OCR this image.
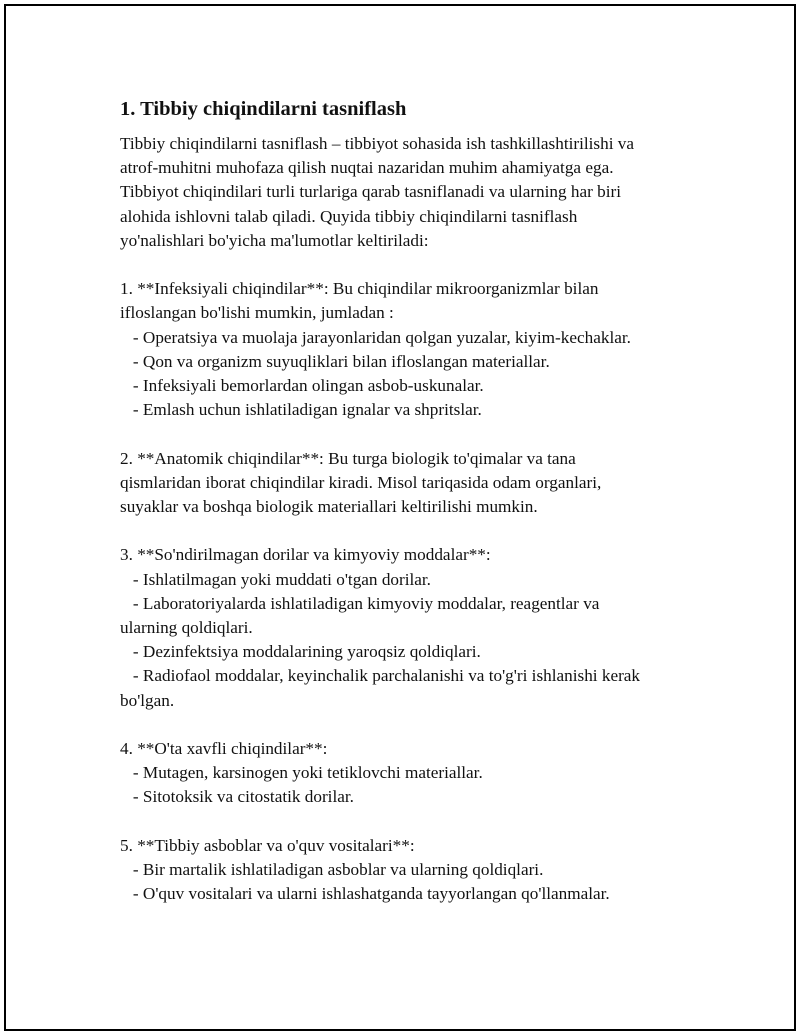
1. Tibbiy chiqindilarni tasniflash
Tibbiy chiqindilarni tasniflash – tibbiyot sohasida ish tashkillashtirilishi va
atrof-muhitni muhofaza qilish nuqtai nazaridan muhim ahamiyatga ega.
Tibbiyot chiqindilari turli turlariga qarab tasniflanadi va ularning har biri
alohida ishlovni talab qiladi. Quyida tibbiy chiqindilarni tasniflash
yo'nalishlari bo'yicha ma'lumotlar keltiriladi:
1. **Infeksiyali chiqindilar**: Bu chiqindilar mikroorganizmlar bilan
ifloslangan bo'lishi mumkin, jumladan :
- Operatsiya va muolaja jarayonlaridan qolgan yuzalar, kiyim-kechaklar.
- Qon va organizm suyuqliklari bilan ifloslangan materiallar.
- Infeksiyali bemorlardan olingan asbob-uskunalar.
- Emlash uchun ishlatiladigan ignalar va shpritslar.
2. **Anatomik chiqindilar**: Bu turga biologik to'qimalar va tana
qismlaridan iborat chiqindilar kiradi. Misol tariqasida odam organlari,
suyaklar va boshqa biologik materiallari keltirilishi mumkin.
3. **So'ndirilmagan dorilar va kimyoviy moddalar**:
- Ishlatilmagan yoki muddati o'tgan dorilar.
- Laboratoriyalarda ishlatiladigan kimyoviy moddalar, reagentlar va
ularning qoldiqlari.
- Dezinfektsiya moddalarining yaroqsiz qoldiqlari.
- Radiofaol moddalar, keyinchalik parchalanishi va to'g'ri ishlanishi kerak
bo'lgan.
4. **O'ta xavfli chiqindilar**:
- Mutagen, karsinogen yoki tetiklovchi materiallar.
- Sitotoksik va citostatik dorilar.
5. **Tibbiy asboblar va o'quv vositalari**:
- Bir martalik ishlatiladigan asboblar va ularning qoldiqlari.
- O'quv vositalari va ularni ishlashatganda tayyorlangan qo'llanmalar.
